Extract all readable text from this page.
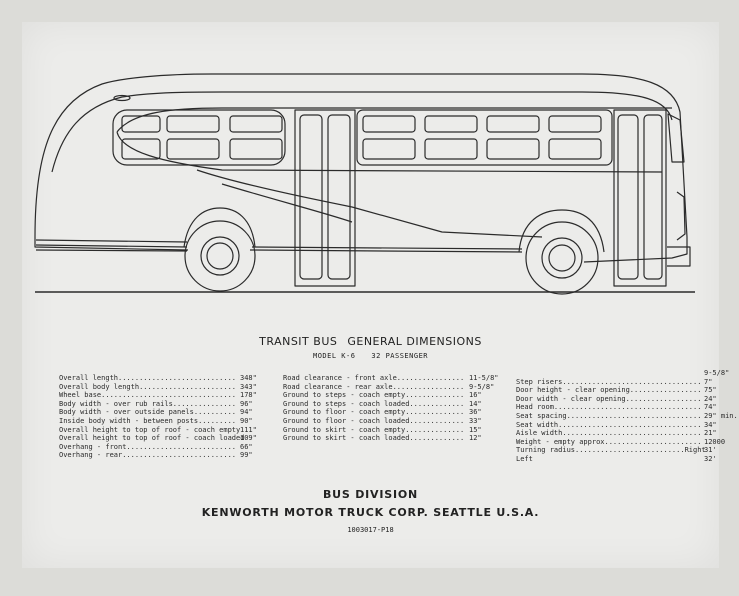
TRANSIT BUS GENERAL DIMENSIONS
MODEL K-6 32 PASSENGER
Overall length............................ 348"
Overall body length....................... 343"
Wheel base................................ 178"
Body width - over rub rails............... 96"
Body width - over outside panels.......... 94"
Inside body width - between posts......... 90"
Overall height to top of roof - coach empty 111"
Overall height to top of roof - coach loaded
109"
Overhang - front.......................... 66"
Overhang - rear........................... 99"
Road clearance - front axle................ 11-5/8"
Road clearance - rear axle................. 9-5/8"
Ground to steps - coach empty.............. 16"
Ground to steps - coach loaded............. 14"
Ground to floor - coach empty.............. 36"
Ground to floor - coach loaded............. 33"
Ground to skirt - coach empty.............. 15"
Ground to skirt - coach loaded............. 12"
9-5/8"
Step risers................................. 7"
Door height - clear opening................. 75"
Door width - clear opening.................. 24"
Head room................................... 74"
Seat spacing................................ 29" min.
Seat width.................................. 34"
Aisle width................................. 21"
Weight - empty approx....................... 12000
Turning radius..........................Right
31'
Left	32'
BUS DIVISION
KENWORTH MOTOR TRUCK CORP. SEATTLE U.S.A.
1003017-P18
